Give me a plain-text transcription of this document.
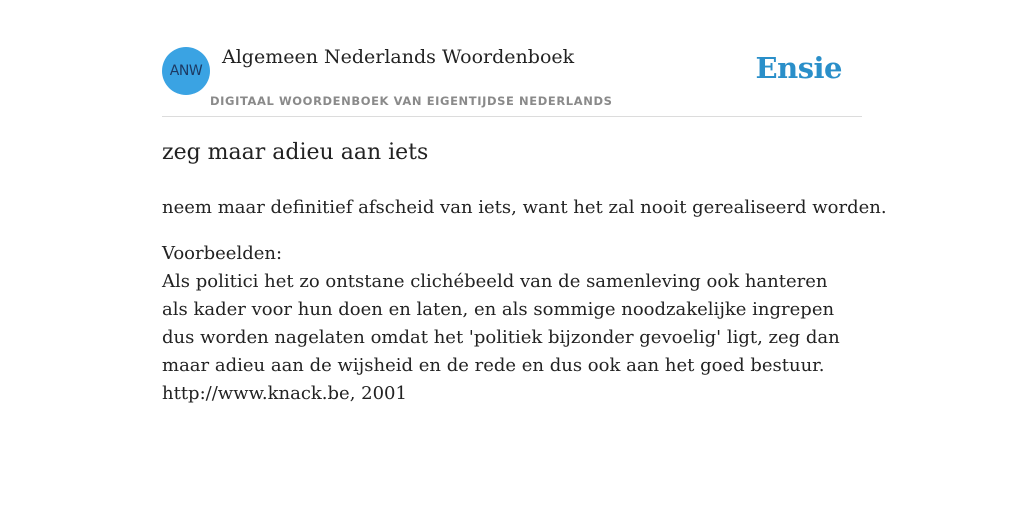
ANW
Algemeen Nederlands Woordenboek
DIGITAAL WOORDENBOEK VAN EIGENTIJDSE NEDERLANDS
Ensie
zeg maar adieu aan iets
neem maar definitief afscheid van iets, want het zal nooit gerealiseerd worden.
Voorbeelden:
Als politici het zo ontstane clichébeeld van de samenleving ook hanteren als kader voor hun doen en laten, en als sommige noodzakelijke ingrepen dus worden nagelaten omdat het 'politiek bijzonder gevoelig' ligt, zeg dan maar adieu aan de wijsheid en de rede en dus ook aan het goed bestuur.
http://www.knack.be, 2001
